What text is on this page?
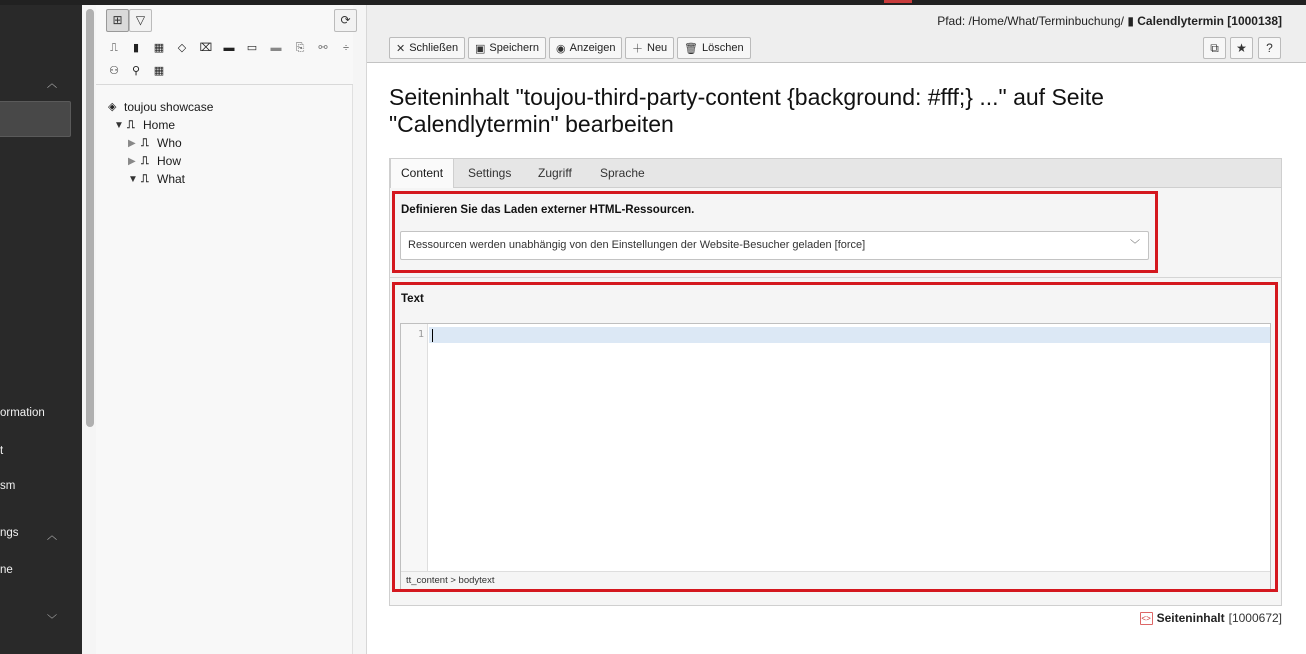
︿
ormation
t
sm
ngs	︿
ne
﹀
⊞	▽	⟳
⎍	▮	▦	◇	⌧ ▬ ▭ ▬	⎘	⚯	÷
⚇	⚲	▦
◈ toujou showcase
▼ ⎍ Home
▶ ⎍ Who
▶ ⎍ How
▼ ⎍ What
Pfad: /Home/What/Terminbuchung/ ▮ Calendlytermin [1000138]
✕ Schließen ▣ Speichern ◉ Anzeigen ＋ Neu 🗑 Löschen	⧉	★	?
Seiteninhalt "toujou-third-party-content {background: #fff;} ..." auf Seite "Calendlytermin" bearbeiten
Content	Settings	Zugriff	Sprache
Definieren Sie das Laden externer HTML-Ressourcen.
Ressourcen werden unabhängig von den Einstellungen der Website-Besucher geladen [force]	﹀
Text
1
tt_content > bodytext
<> Seiteninhalt [1000672]
